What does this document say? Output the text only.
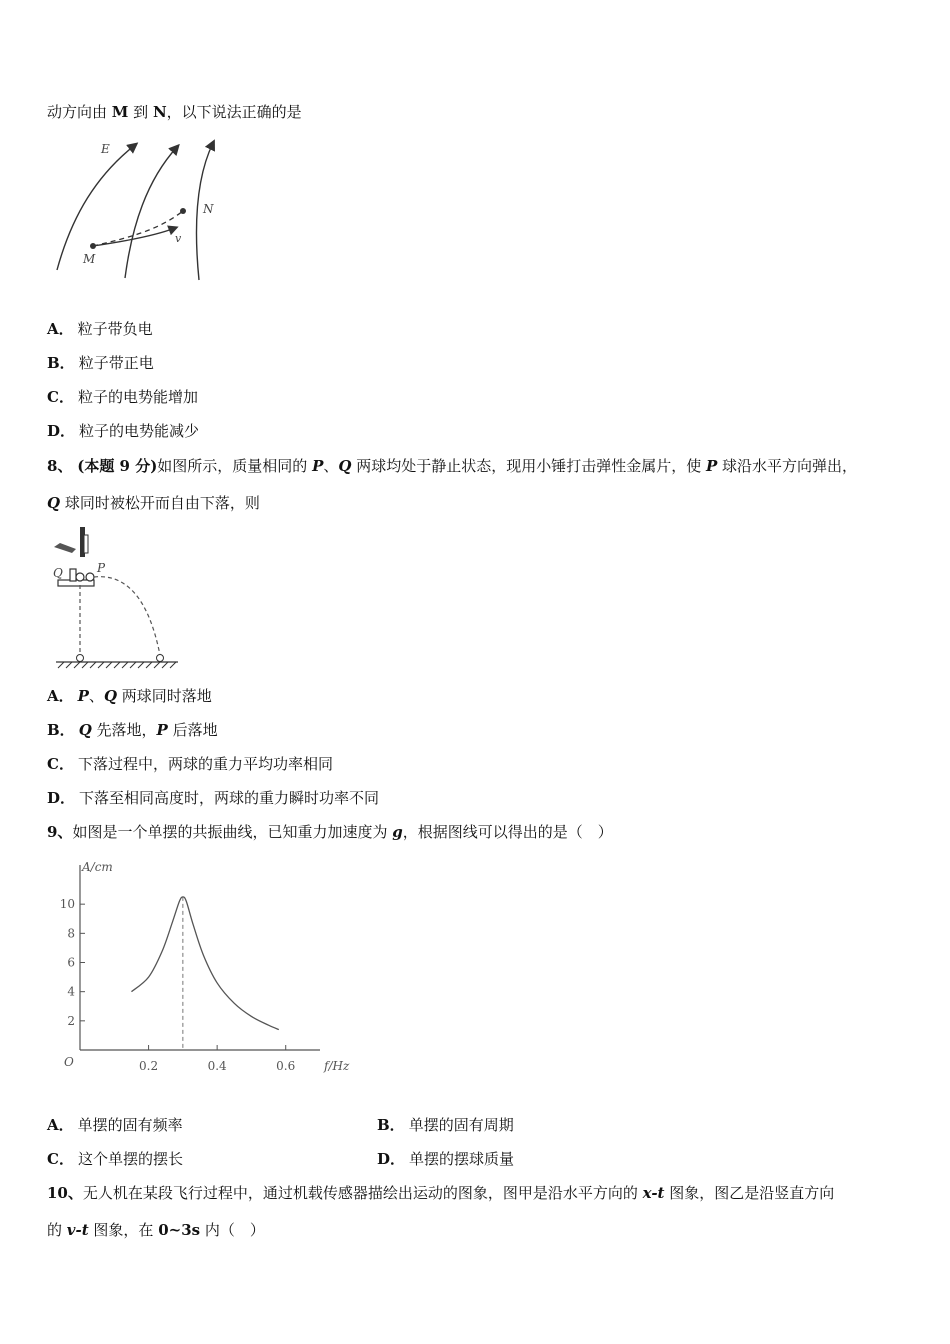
动方向由 M 到 N，以下说法正确的是
E
N
M
v
A． 粒子带负电
B． 粒子带正电
C． 粒子的电势能增加
D． 粒子的电势能减少
8、 (本题 9 分)如图所示，质量相同的 P、Q 两球均处于静止状态，现用小锤打击弹性金属片，使 P 球沿水平方向弹出，
Q 球同时被松开而自由下落，则
Q	P
A． P、Q 两球同时落地
B． Q 先落地，P 后落地
C． 下落过程中，两球的重力平均功率相同
D． 下落至相同高度时，两球的重力瞬时功率不同
9、如图是一个单摆的共振曲线，已知重力加速度为 g，根据图线可以得出的是（　）
A/cm
f/Hz
O
2
4
6
8
10
0.2	0.4	0.6
A． 单摆的固有频率	B． 单摆的固有周期
C． 这个单摆的摆长	D． 单摆的摆球质量
10、无人机在某段飞行过程中，通过机载传感器描绘出运动的图象，图甲是沿水平方向的 x-t 图象，图乙是沿竖直方向
的 v-t 图象，在 0~3s 内（　）
